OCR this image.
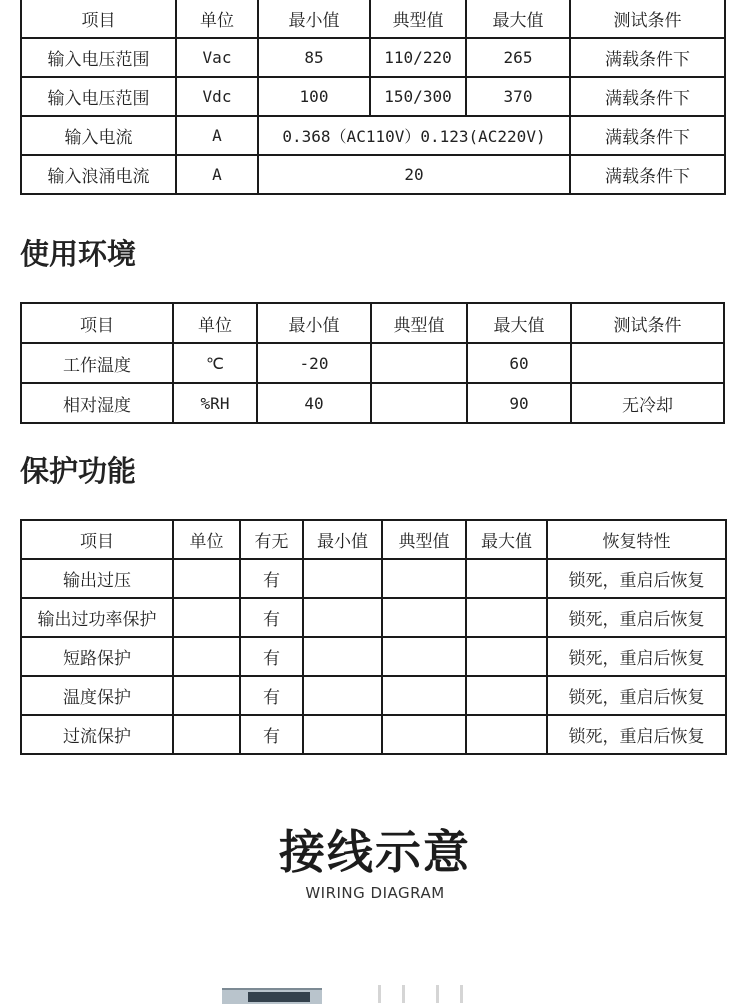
项目	单位	最小值	典型值	最大值	测试条件
输入电压范围	Vac	85	110/220	265	满载条件下
输入电压范围	Vdc	100	150/300	370	满载条件下
输入电流	A	0.368（AC110V）0.123(AC220V)			满载条件下
输入浪涌电流	A	20			满载条件下
使用环境
项目	单位	最小值	典型值	最大值	测试条件
工作温度	℃	-20		60	
相对湿度	%RH	40		90	无冷却
保护功能
项目	单位	有无	最小值	典型值	最大值	恢复特性
输出过压		有				锁死，重启后恢复
输出过功率保护		有				锁死，重启后恢复
短路保护		有				锁死，重启后恢复
温度保护		有				锁死，重启后恢复
过流保护		有				锁死，重启后恢复
接线示意
WIRING DIAGRAM
